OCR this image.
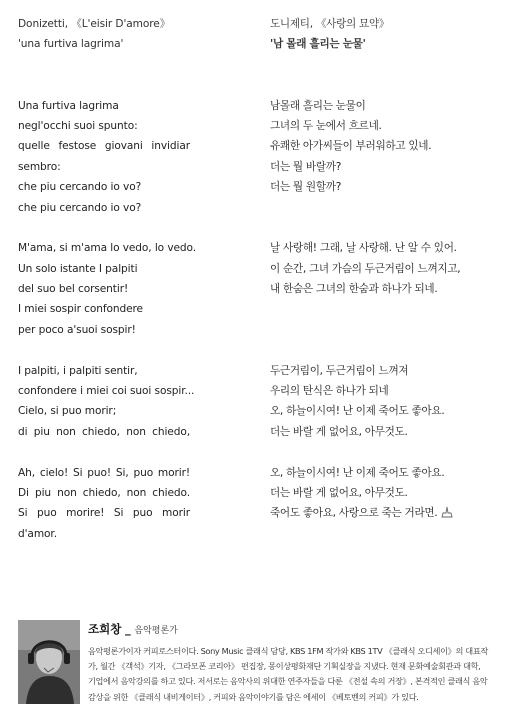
Donizetti, 《L'eisir D'amore》
'una furtiva lagrima'
Una furtiva lagrima
negl'occhi suoi spunto:
quelle festose giovani invidiar
sembro:
che piu cercando io vo?
che piu cercando io vo?
M'ama, si m'ama lo vedo, lo vedo.
Un solo istante I palpiti
del suo bel corsentir!
I miei sospir confondere
per poco a'suoi sospir!
I palpiti, i palpiti sentir,
confondere i miei coi suoi sospir...
Cielo, si puo morir;
di piu non chiedo, non chiedo,
Ah, cielo! Si puo! Si, puo morir!
Di piu non chiedo, non chiedo.
Si puo morire! Si puo morir d'amor.
도니제티, 《사랑의 묘약》
'남 몰래 흘리는 눈물'
남몰래 흘리는 눈물이
그녀의 두 눈에서 흐르네.
유쾌한 아가씨들이 부러워하고 있네.
더는 뭘 바랄까?
더는 뭘 원할까?
날 사랑해! 그래, 날 사랑해. 난 알 수 있어.
이 순간, 그녀 가슴의 두근거림이 느껴지고,
내 한숨은 그녀의 한숨과 하나가 되네.
두근거림이, 두근거림이 느껴져
우리의 탄식은 하나가 되네
오, 하늘이시여! 난 이제 죽어도 좋아요.
더는 바랄 게 없어요, 아무것도.
오, 하늘이시여! 난 이제 죽어도 좋아요.
더는 바랄 게 없어요, 아무것도.
죽어도 좋아요, 사랑으로 죽는 거라면.
조희창 _ 음악평론가
음악평론가이자 커피로스터이다. Sony Music 클래식 담당, KBS 1FM 작가와 KBS 1TV 《클래식 오디세이》의 대표작가, 월간 《객석》기자, 《그라모폰 코리아》 편집장, 몽이상평화재단 기획실장을 지냈다. 현재 문화예술회관과 대학, 기업에서 음악강의를 하고 있다. 저서로는 음악사의 위대한 연주자들을 다룬 《전설 속의 거장》, 본격적인 클래식 음악 감상을 위한 《클래식 내비게이터》, 커피와 음악이야기를 담은 에세이 《베토벤의 커피》가 있다.
